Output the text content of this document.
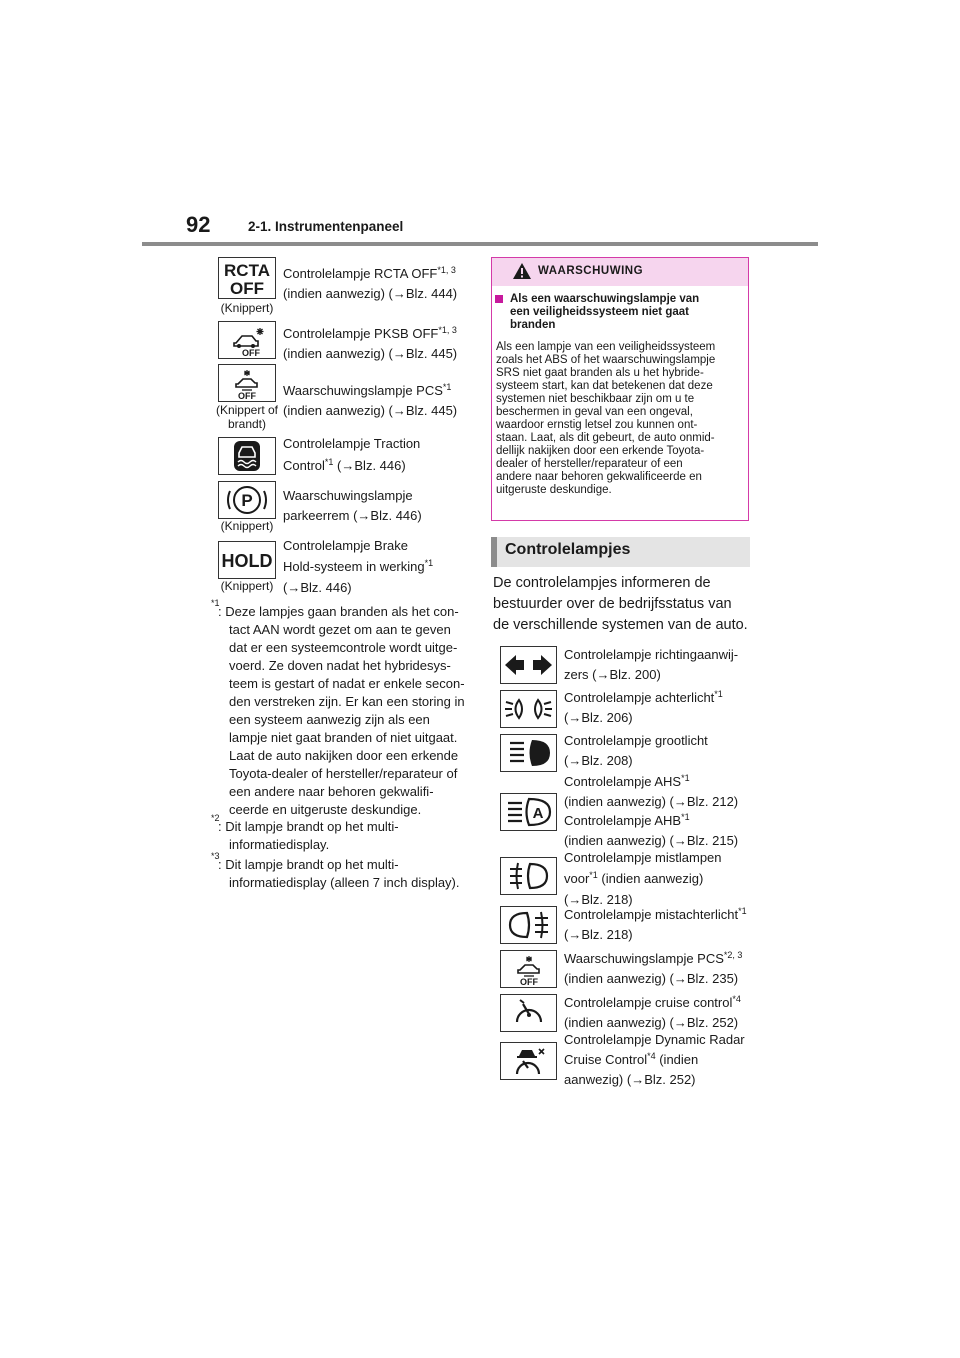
92	2-1. Instrumentenpaneel
RCTA
OFF
(Knippert)
Controlelampje RCTA OFF$^{*1, 3}$
(indien aanwezig) (→Blz. 444)
OFF
Controlelampje PKSB OFF$^{*1, 3}$
(indien aanwezig) (→Blz. 445)
OFF
(Knippert of brandt)
Waarschuwingslampje PCS$^{*1}$
(indien aanwezig) (→Blz. 445)
Controlelampje Traction
Control$^{*1}$ (→Blz. 446)
P
(Knippert)
Waarschuwingslampje
parkeerrem (→Blz. 446)
HOLD
(Knippert)
Controlelampje Brake
Hold-systeem in werking$^{*1}$
(→Blz. 446)
*1
: Deze lampjes gaan branden als het con-
tact AAN wordt gezet om aan te geven
dat er een systeemcontrole wordt uitge-
voerd. Ze doven nadat het hybridesys-
teem is gestart of nadat er enkele secon-
den verstreken zijn. Er kan een storing in
een systeem aanwezig zijn als een
lampje niet gaat branden of niet uitgaat.
Laat de auto nakijken door een erkende
Toyota-dealer of hersteller/reparateur of
een andere naar behoren gekwalifi-
ceerde en uitgeruste deskundige.
*2
: Dit lampje brandt op het multi-
informatiedisplay.
*3
: Dit lampje brandt op het multi-
informatiedisplay (alleen 7 inch display).
WAARSCHUWING
Als een waarschuwingslampje van
een veiligheidssysteem niet gaat
branden
Als een lampje van een veiligheidssysteem
zoals het ABS of het waarschuwingslampje
SRS niet gaat branden als u het hybride-
systeem start, kan dat betekenen dat deze
systemen niet beschikbaar zijn om u te
beschermen in geval van een ongeval,
waardoor ernstig letsel zou kunnen ont-
staan. Laat, als dit gebeurt, de auto onmid-
dellijk nakijken door een erkende Toyota-
dealer of hersteller/reparateur of een
andere naar behoren gekwalificeerde en
uitgeruste deskundige.
Controlelampjes
De controlelampjes informeren de
bestuurder over de bedrijfsstatus van
de verschillende systemen van de auto.
Controlelampje richtingaanwij-
zers (→Blz. 200)
Controlelampje achterlicht$^{*1}$
(→Blz. 206)
Controlelampje grootlicht
(→Blz. 208)
A
Controlelampje AHS$^{*1}$
(indien aanwezig) (→Blz. 212)
Controlelampje AHB$^{*1}$
(indien aanwezig) (→Blz. 215)
Controlelampje mistlampen
voor$^{*1}$ (indien aanwezig)
(→Blz. 218)
Controlelampje mistachterlicht$^{*1}$
(→Blz. 218)
OFF
Waarschuwingslampje PCS$^{*2, 3}$
(indien aanwezig) (→Blz. 235)
Controlelampje cruise control$^{*4}$
(indien aanwezig) (→Blz. 252)
Controlelampje Dynamic Radar
Cruise Control$^{*4}$ (indien
aanwezig) (→Blz. 252)
